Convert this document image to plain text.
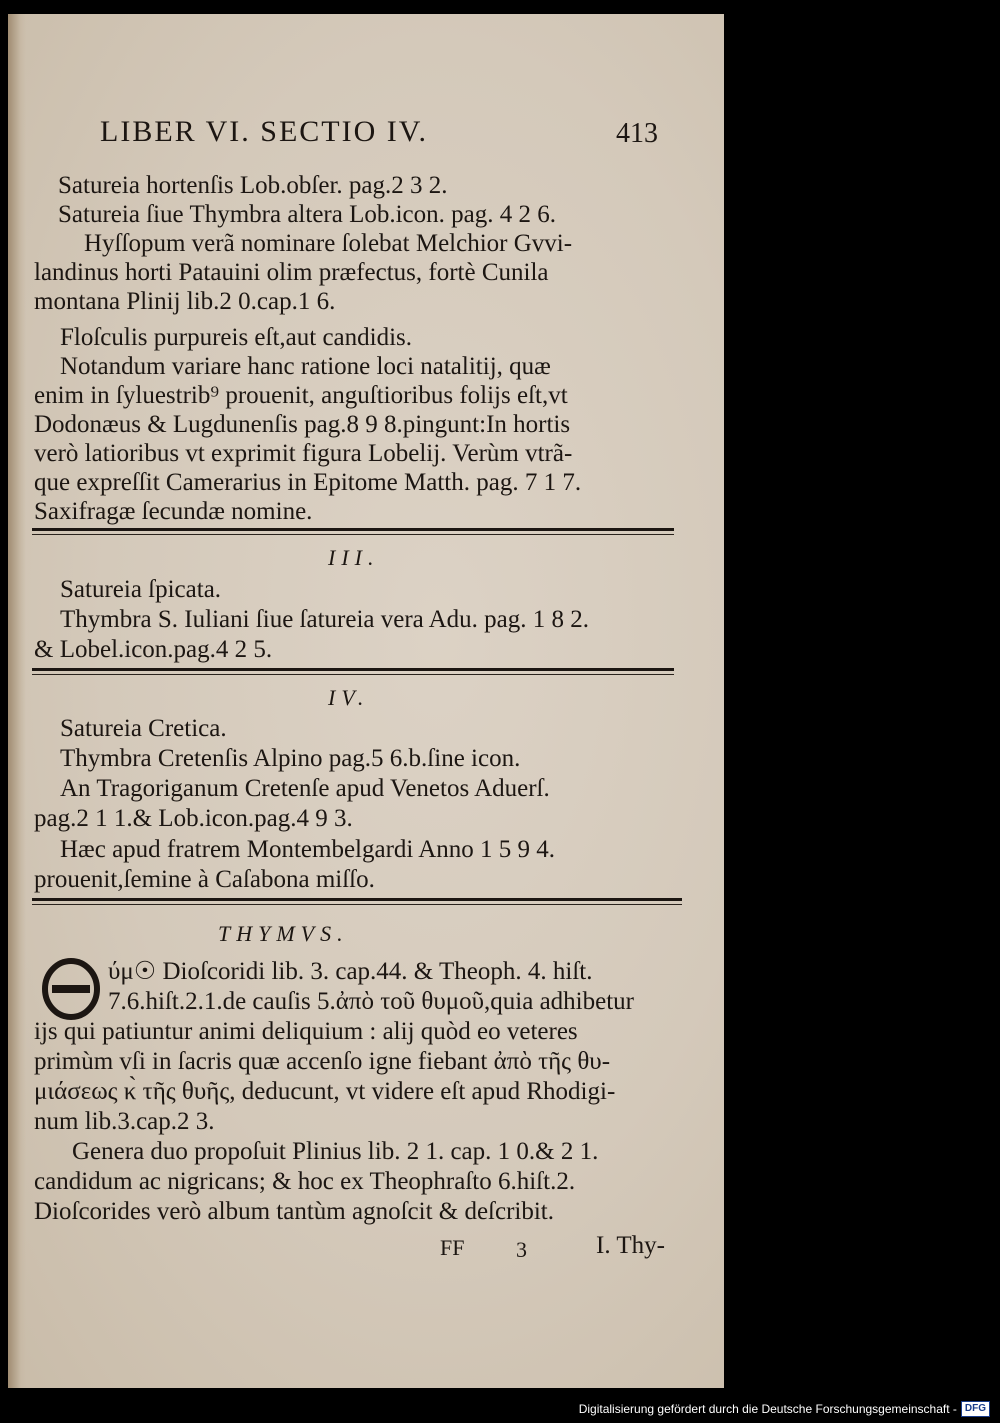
LIBER VI. SECTIO IV.	413
Satureia hortenſis Lob.obſer. pag.2 3 2.
Satureia ſiue Thymbra altera Lob.icon. pag. 4 2 6.
Hyſſopum verã nominare ſolebat Melchior Gvvi-
landinus horti Patauini olim præfectus, fortè Cunila
montana Plinij lib.2 0.cap.1 6.
Floſculis purpureis eſt,aut candidis.
Notandum variare hanc ratione loci natalitij, quæ
enim in ſyluestrib⁹ prouenit, anguſtioribus folijs eſt,vt
Dodonæus & Lugdunenſis pag.8 9 8.pingunt:In hortis
verò latioribus vt exprimit figura Lobelij. Verùm vtrã-
que expreſſit Camerarius in Epitome Matth. pag. 7 1 7.
Saxifragæ ſecundæ nomine.
III.
Satureia ſpicata.
Thymbra S. Iuliani ſiue ſatureia vera Adu. pag. 1 8 2.
& Lobel.icon.pag.4 2 5.
IV.
Satureia Cretica.
Thymbra Cretenſis Alpino pag.5 6.b.ſine icon.
An Tragoriganum Cretenſe apud Venetos Aduerſ.
pag.2 1 1.& Lob.icon.pag.4 9 3.
Hæc apud fratrem Montembelgardi Anno 1 5 9 4.
prouenit,ſemine à Caſabona miſſo.
THYMVS.
ύμ☉ Dioſcoridi lib. 3. cap.44. & Theoph. 4. hiſt.
7.6.hiſt.2.1.de cauſis 5.ἀπὸ τοῦ θυμοῦ,quia adhibetur
ijs qui patiuntur animi deliquium : alij quòd eo veteres
primùm vſi in ſacris quæ accenſo igne fiebant ἀπὸ τῆς θυ-
μιάσεως κ̀ τῆς θυῆς, deducunt, vt videre eſt apud Rhodigi-
num lib.3.cap.2 3.
Genera duo propoſuit Plinius lib. 2 1. cap. 1 0.& 2 1.
candidum ac nigricans; & hoc ex Theophraſto 6.hiſt.2.
Dioſcorides verò album tantùm agnoſcit & deſcribit.
FF 3	I. Thy-
Digitalisierung gefördert durch die Deutsche Forschungsgemeinschaft - DFG
